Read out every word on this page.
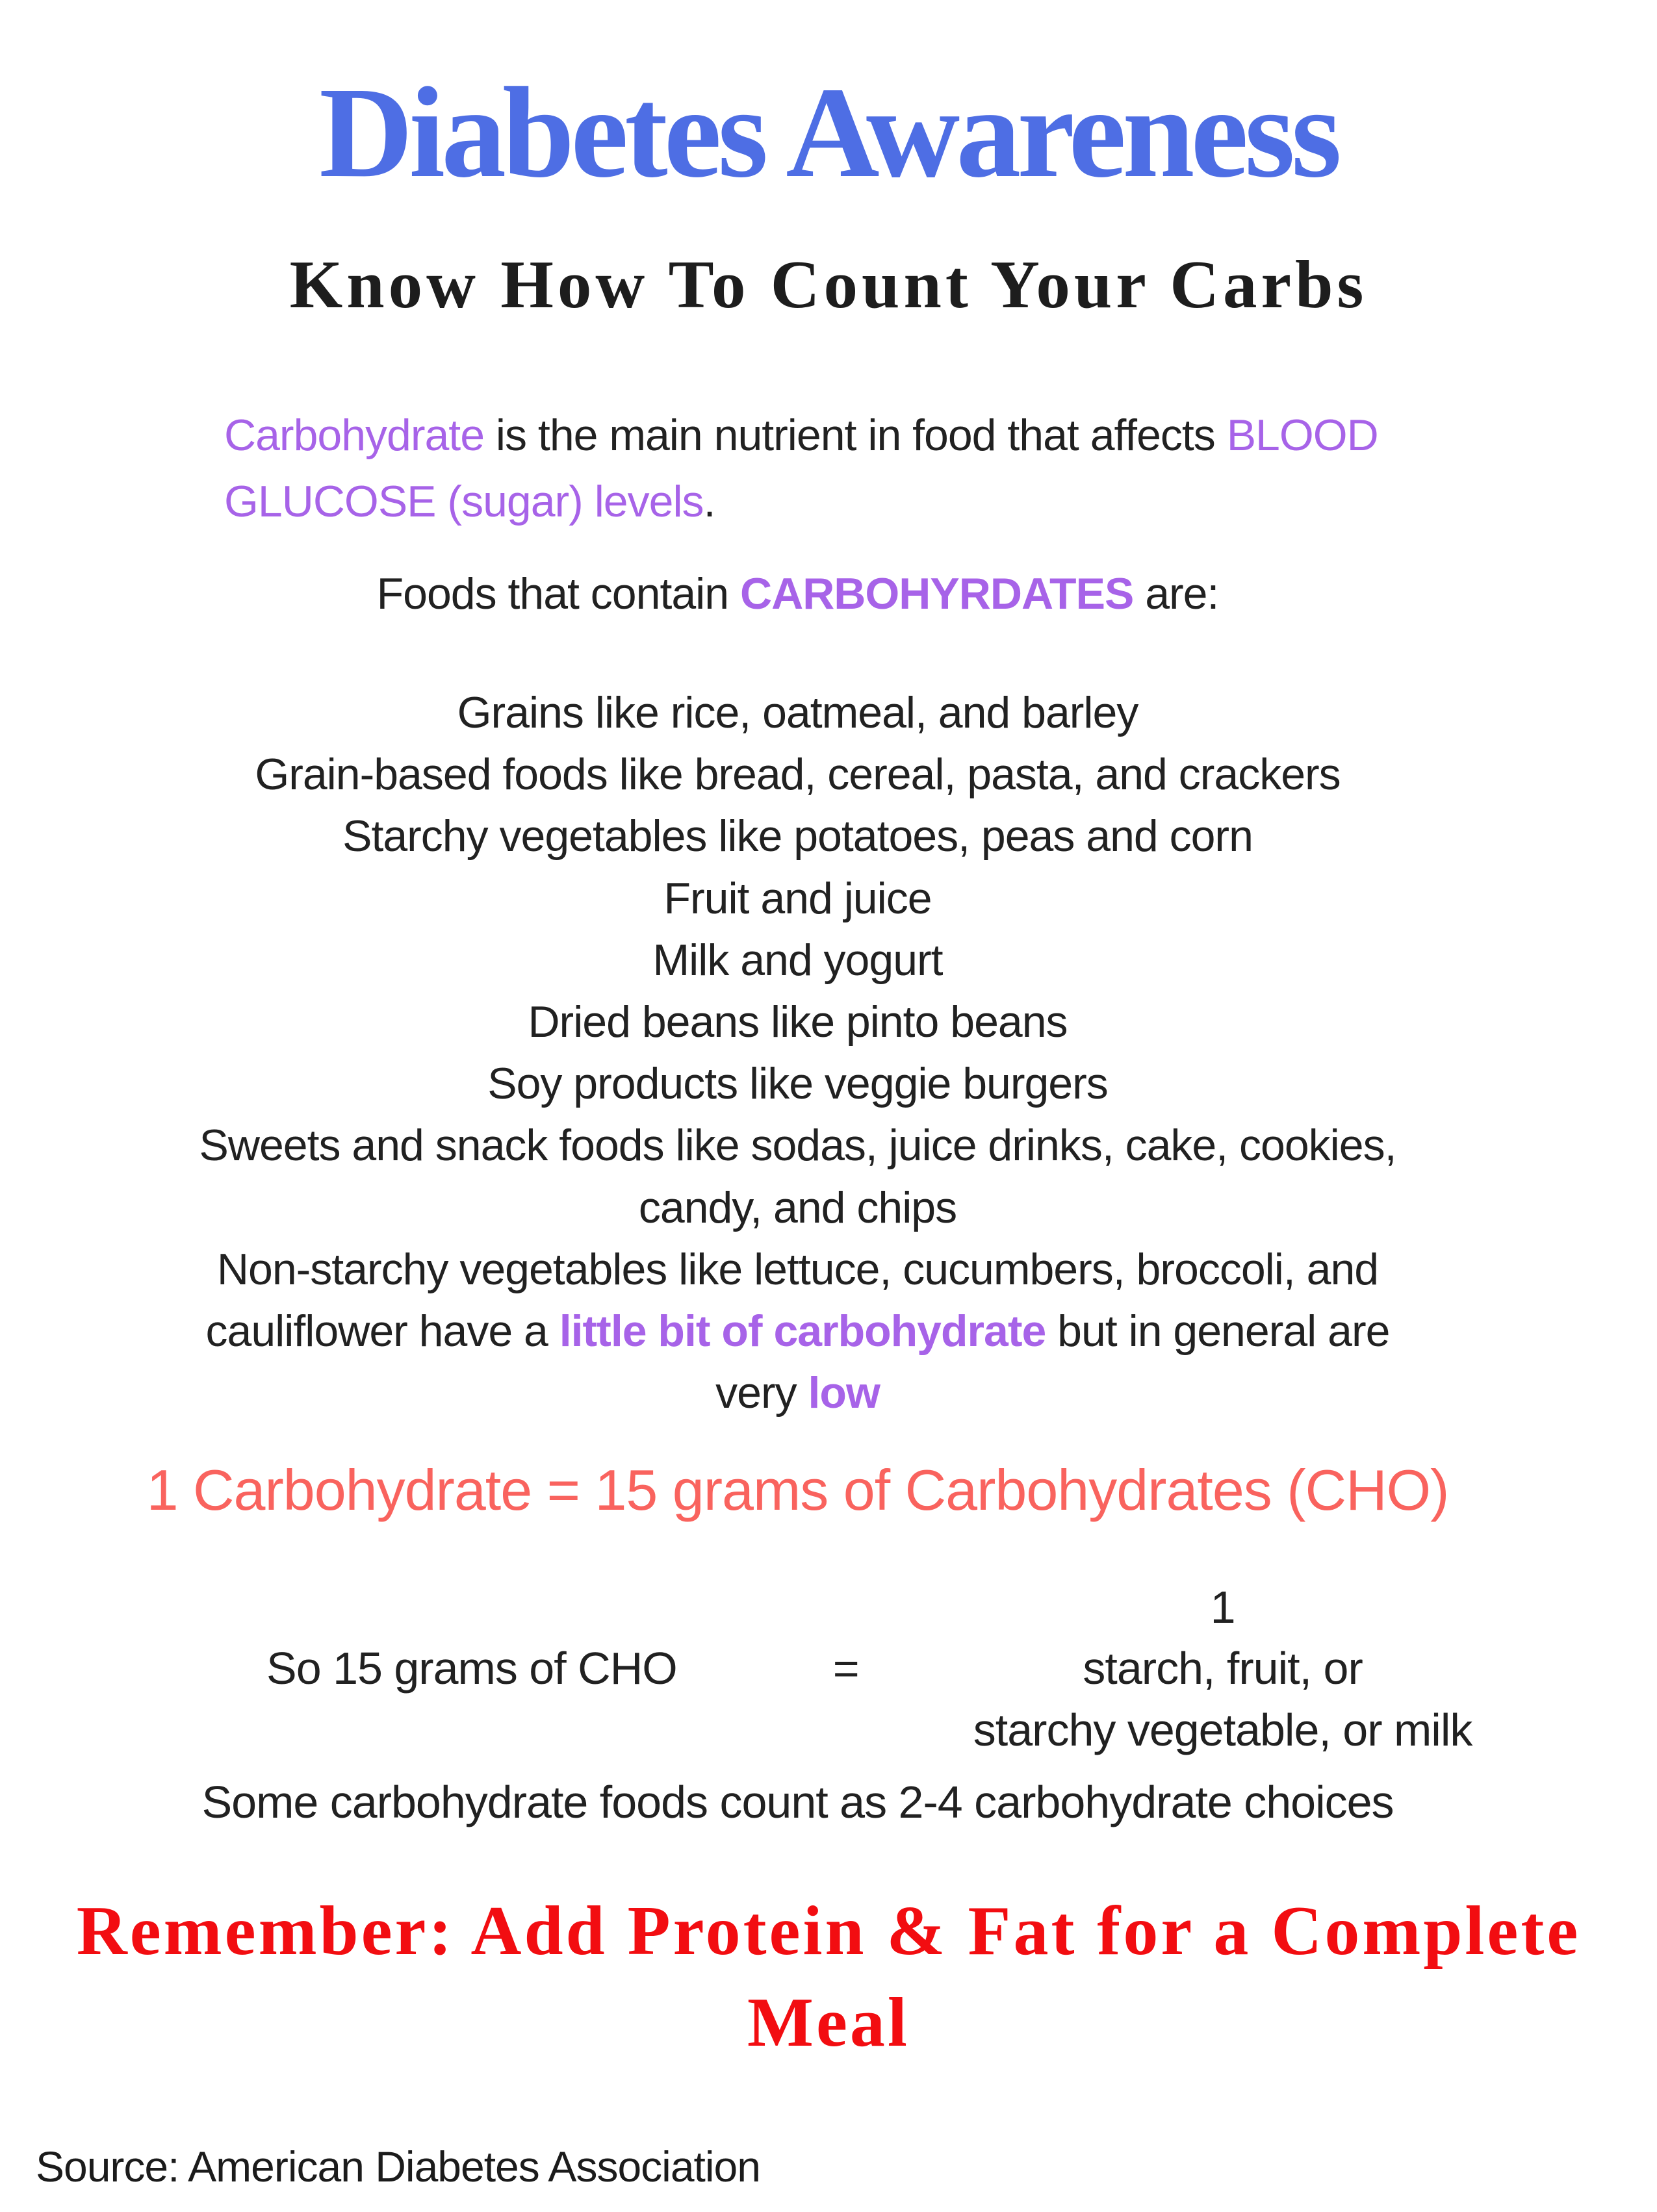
Diabetes Awareness
Know How To Count Your Carbs

Carbohydrate is the main nutrient in food that affects BLOOD
GLUCOSE (sugar) levels.

Foods that contain CARBOHYRDATES are:
Grains like rice, oatmeal, and barley
Grain-based foods like bread, cereal, pasta, and crackers
Starchy vegetables like potatoes, peas and corn
Fruit and juice
Milk and yogurt
Dried beans like pinto beans
Soy products like veggie burgers
Sweets and snack foods like sodas, juice drinks, cake, cookies,
candy, and chips
Non-starchy vegetables like lettuce, cucumbers, broccoli, and
cauliflower have a little bit of carbohydrate but in general are
very low
1 Carbohydrate = 15 grams of Carbohydrates (CHO)
So 15 grams of CHO	=
1
starch, fruit, or
starchy vegetable, or milk
Some carbohydrate foods count as 2-4 carbohydrate choices
Remember: Add Protein & Fat for a Complete
Meal
Source: American Diabetes Association
